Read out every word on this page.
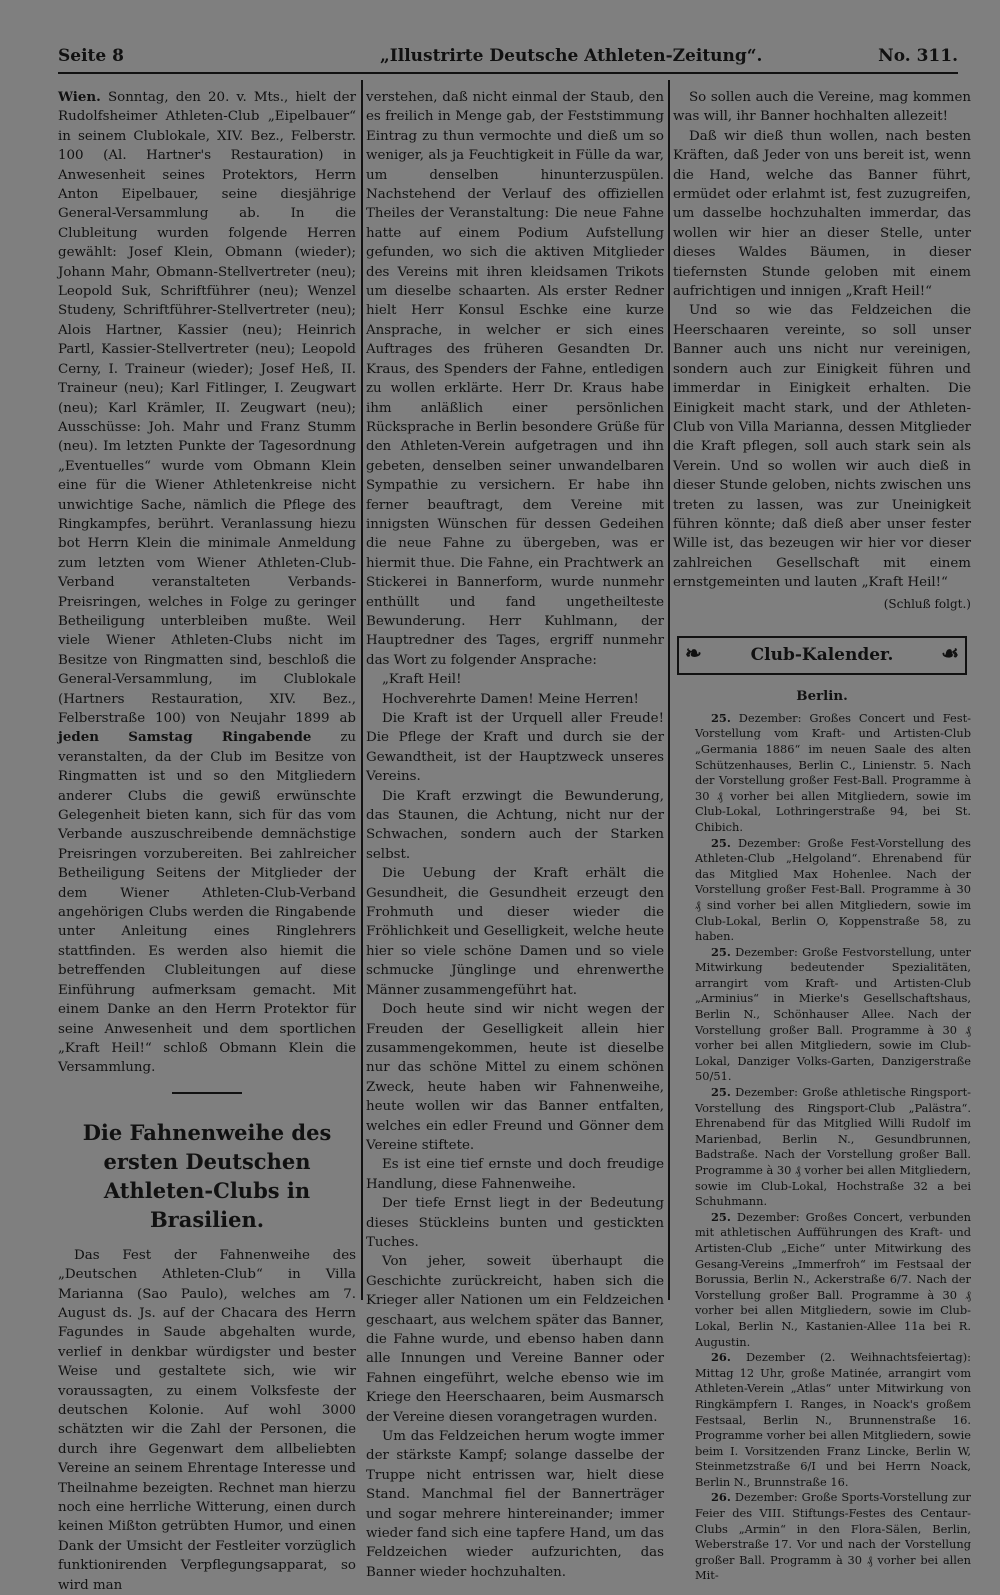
Seite 8	„Illustrirte Deutsche Athleten-Zeitung“.	No. 311.

Wien. Sonntag, den 20. v. Mts., hielt der Rudolfsheimer Athleten-Club „Eipelbauer“ in seinem Clublokale, XIV. Bez., Felberstr. 100 (Al. Hartner's Restauration) in Anwesenheit seines Protektors, Herrn Anton Eipelbauer, seine diesjährige General-Versammlung ab. In die Clubleitung wurden folgende Herren gewählt: Josef Klein, Obmann (wieder); Johann Mahr, Obmann-Stellvertreter (neu); Leopold Suk, Schriftführer (neu); Wenzel Studeny, Schriftführer-Stellvertreter (neu); Alois Hartner, Kassier (neu); Heinrich Partl, Kassier-Stellvertreter (neu); Leopold Cerny, I. Traineur (wieder); Josef Heß, II. Traineur (neu); Karl Fitlinger, I. Zeugwart (neu); Karl Krämler, II. Zeugwart (neu); Ausschüsse: Joh. Mahr und Franz Stumm (neu). Im letzten Punkte der Tagesordnung „Eventuelles“ wurde vom Obmann Klein eine für die Wiener Athletenkreise nicht unwichtige Sache, nämlich die Pflege des Ringkampfes, berührt. Veranlassung hiezu bot Herrn Klein die minimale Anmeldung zum letzten vom Wiener Athleten-Club-Verband veranstalteten Verbands-Preisringen, welches in Folge zu geringer Betheiligung unterbleiben mußte. Weil viele Wiener Athleten-Clubs nicht im Besitze von Ringmatten sind, beschloß die General-Versammlung, im Clublokale (Hartners Restauration, XIV. Bez., Felberstraße 100) von Neujahr 1899 ab jeden Samstag Ringabende zu veranstalten, da der Club im Besitze von Ringmatten ist und so den Mitgliedern anderer Clubs die gewiß erwünschte Gelegenheit bieten kann, sich für das vom Verbande auszuschreibende demnächstige Preisringen vorzubereiten. Bei zahlreicher Betheiligung Seitens der Mitglieder der dem Wiener Athleten-Club-Verband angehörigen Clubs werden die Ringabende unter Anleitung eines Ringlehrers stattfinden. Es werden also hiemit die betreffenden Clubleitungen auf diese Einführung aufmerksam gemacht. Mit einem Danke an den Herrn Protektor für seine Anwesenheit und dem sportlichen „Kraft Heil!“ schloß Obmann Klein die Versammlung.

Die Fahnenweihe des ersten Deutschen Athleten-Clubs in Brasilien.

Das Fest der Fahnenweihe des „Deutschen Athleten-Club“ in Villa Marianna (Sao Paulo), welches am 7. August ds. Js. auf der Chacara des Herrn Fagundes in Saude abgehalten wurde, verlief in denkbar würdigster und bester Weise und gestaltete sich, wie wir voraussagten, zu einem Volksfeste der deutschen Kolonie. Auf wohl 3000 schätzten wir die Zahl der Personen, die durch ihre Gegenwart dem allbeliebten Vereine an seinem Ehrentage Interesse und Theilnahme bezeigten. Rechnet man hierzu noch eine herrliche Witterung, einen durch keinen Mißton getrübten Humor, und einen Dank der Umsicht der Festleiter vorzüglich funktionirenden Verpflegungsapparat, so wird man

verstehen, daß nicht einmal der Staub, den es freilich in Menge gab, der Feststimmung Eintrag zu thun vermochte und dieß um so weniger, als ja Feuchtigkeit in Fülle da war, um denselben hinunterzuspülen. Nachstehend der Verlauf des offiziellen Theiles der Veranstaltung: Die neue Fahne hatte auf einem Podium Aufstellung gefunden, wo sich die aktiven Mitglieder des Vereins mit ihren kleidsamen Trikots um dieselbe schaarten. Als erster Redner hielt Herr Konsul Eschke eine kurze Ansprache, in welcher er sich eines Auftrages des früheren Gesandten Dr. Kraus, des Spenders der Fahne, entledigen zu wollen erklärte. Herr Dr. Kraus habe ihm anläßlich einer persönlichen Rücksprache in Berlin besondere Grüße für den Athleten-Verein aufgetragen und ihn gebeten, denselben seiner unwandelbaren Sympathie zu versichern. Er habe ihn ferner beauftragt, dem Vereine mit innigsten Wünschen für dessen Gedeihen die neue Fahne zu übergeben, was er hiermit thue. Die Fahne, ein Prachtwerk an Stickerei in Bannerform, wurde nunmehr enthüllt und fand ungetheilteste Bewunderung. Herr Kuhlmann, der Hauptredner des Tages, ergriff nunmehr das Wort zu folgender Ansprache:

„Kraft Heil!

Hochverehrte Damen! Meine Herren!

Die Kraft ist der Urquell aller Freude! Die Pflege der Kraft und durch sie der Gewandtheit, ist der Hauptzweck unseres Vereins.

Die Kraft erzwingt die Bewunderung, das Staunen, die Achtung, nicht nur der Schwachen, sondern auch der Starken selbst.

Die Uebung der Kraft erhält die Gesundheit, die Gesundheit erzeugt den Frohmuth und dieser wieder die Fröhlichkeit und Geselligkeit, welche heute hier so viele schöne Damen und so viele schmucke Jünglinge und ehrenwerthe Männer zusammengeführt hat.

Doch heute sind wir nicht wegen der Freuden der Geselligkeit allein hier zusammengekommen, heute ist dieselbe nur das schöne Mittel zu einem schönen Zweck, heute haben wir Fahnenweihe, heute wollen wir das Banner entfalten, welches ein edler Freund und Gönner dem Vereine stiftete.

Es ist eine tief ernste und doch freudige Handlung, diese Fahnenweihe.

Der tiefe Ernst liegt in der Bedeutung dieses Stückleins bunten und gestickten Tuches.

Von jeher, soweit überhaupt die Geschichte zurückreicht, haben sich die Krieger aller Nationen um ein Feldzeichen geschaart, aus welchem später das Banner, die Fahne wurde, und ebenso haben dann alle Innungen und Vereine Banner oder Fahnen eingeführt, welche ebenso wie im Kriege den Heerschaaren, beim Ausmarsch der Vereine diesen vorangetragen wurden.

Um das Feldzeichen herum wogte immer der stärkste Kampf; solange dasselbe der Truppe nicht entrissen war, hielt diese Stand. Manchmal fiel der Bannerträger und sogar mehrere hintereinander; immer wieder fand sich eine tapfere Hand, um das Feldzeichen wieder aufzurichten, das Banner wieder hochzuhalten.

So sollen auch die Vereine, mag kommen was will, ihr Banner hochhalten allezeit!

Daß wir dieß thun wollen, nach besten Kräften, daß Jeder von uns bereit ist, wenn die Hand, welche das Banner führt, ermüdet oder erlahmt ist, fest zuzugreifen, um dasselbe hochzuhalten immerdar, das wollen wir hier an dieser Stelle, unter dieses Waldes Bäumen, in dieser tiefernsten Stunde geloben mit einem aufrichtigen und innigen „Kraft Heil!“

Und so wie das Feldzeichen die Heerschaaren vereinte, so soll unser Banner auch uns nicht nur vereinigen, sondern auch zur Einigkeit führen und immerdar in Einigkeit erhalten. Die Einigkeit macht stark, und der Athleten-Club von Villa Marianna, dessen Mitglieder die Kraft pflegen, soll auch stark sein als Verein. Und so wollen wir auch dieß in dieser Stunde geloben, nichts zwischen uns treten zu lassen, was zur Uneinigkeit führen könnte; daß dieß aber unser fester Wille ist, das bezeugen wir hier vor dieser zahlreichen Gesellschaft mit einem ernstgemeinten und lauten „Kraft Heil!“

(Schluß folgt.)
❧	Club-Kalender. ☙
Berlin.

25. Dezember: Großes Concert und Fest-Vorstellung vom Kraft- und Artisten-Club „Germania 1886“ im neuen Saale des alten Schützenhauses, Berlin C., Linienstr. 5. Nach der Vorstellung großer Fest-Ball. Programme à 30 ₰ vorher bei allen Mitgliedern, sowie im Club-Lokal, Lothringerstraße 94, bei St. Chibich.

25. Dezember: Große Fest-Vorstellung des Athleten-Club „Helgoland“. Ehrenabend für das Mitglied Max Hohenlee. Nach der Vorstellung großer Fest-Ball. Programme à 30 ₰ sind vorher bei allen Mitgliedern, sowie im Club-Lokal, Berlin O, Koppenstraße 58, zu haben.

25. Dezember: Große Festvorstellung, unter Mitwirkung bedeutender Spezialitäten, arrangirt vom Kraft- und Artisten-Club „Arminius“ in Mierke's Gesellschaftshaus, Berlin N., Schönhauser Allee. Nach der Vorstellung großer Ball. Programme à 30 ₰ vorher bei allen Mitgliedern, sowie im Club-Lokal, Danziger Volks-Garten, Danzigerstraße 50/51.

25. Dezember: Große athletische Ringsport-Vorstellung des Ringsport-Club „Palästra“. Ehrenabend für das Mitglied Willi Rudolf im Marienbad, Berlin N., Gesundbrunnen, Badstraße. Nach der Vorstellung großer Ball. Programme à 30 ₰ vorher bei allen Mitgliedern, sowie im Club-Lokal, Hochstraße 32 a bei Schuhmann.

25. Dezember: Großes Concert, verbunden mit athletischen Aufführungen des Kraft- und Artisten-Club „Eiche“ unter Mitwirkung des Gesang-Vereins „Immerfroh“ im Festsaal der Borussia, Berlin N., Ackerstraße 6/7. Nach der Vorstellung großer Ball. Programme à 30 ₰ vorher bei allen Mitgliedern, sowie im Club-Lokal, Berlin N., Kastanien-Allee 11a bei R. Augustin.

26. Dezember (2. Weihnachtsfeiertag): Mittag 12 Uhr, große Matinée, arrangirt vom Athleten-Verein „Atlas“ unter Mitwirkung von Ringkämpfern I. Ranges, in Noack's großem Festsaal, Berlin N., Brunnenstraße 16. Programme vorher bei allen Mitgliedern, sowie beim I. Vorsitzenden Franz Lincke, Berlin W, Steinmetzstraße 6/I und bei Herrn Noack, Berlin N., Brunnstraße 16.

26. Dezember: Große Sports-Vorstellung zur Feier des VIII. Stiftungs-Festes des Centaur-Clubs „Armin“ in den Flora-Sälen, Berlin, Weberstraße 17. Vor und nach der Vorstellung großer Ball. Programm à 30 ₰ vorher bei allen Mit-
